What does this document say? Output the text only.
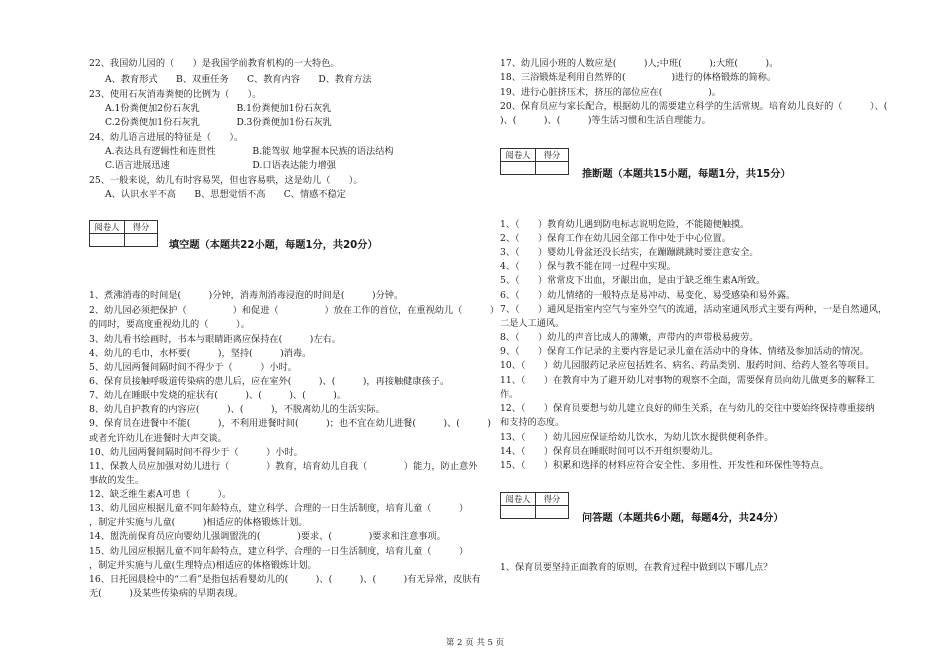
22、我国幼儿园的（　　）是我国学前教育机构的一大特色。
A、教育形式　　B、双重任务　　C、教育内容　　D、教育方法
23、使用石灰消毒粪便的比例为（　　）。
A.1份粪便加2份石灰乳　　　　B.1份粪便加1份石灰乳
C.2份粪便加1份石灰乳　　　　D.3份粪便加1份石灰乳
24、幼儿语言进展的特征是（　　）。
A.表达具有逻辑性和连贯性　　　　B.能驾驭 地掌握本民族的语法结构
C.语言进展迅速　　　　　　　　　D.口语表达能力增强
25、一般来说，幼儿有时容易哭，但也容易哄，这是幼儿（　　）。
A、认识水平不高　　B、思想觉悟不高　　C、情感不稳定
阅卷人	得分

填空题（本题共22小题，每题1分，共20分）
1、煮沸消毒的时间是(　　　)分钟，消毒剂消毒浸泡的时间是(　　　)分钟。
2、幼儿园必须把保护（　　　　　）和促进（　　　　　）放在工作的首位，在重视幼儿（　　　）
的同时，要高度重视幼儿的（　　　）。
3、幼儿看书绘画时，书本与眼睛距离应保持在(　　　)左右。
4、幼儿的毛巾，水杯要(　　　)，坚持(　　　)消毒。
5、幼儿园两餐间隔时间不得少于（　　　）小时。
6、保育员接触呼吸道传染病的患儿后，应在室外(　　　)、(　　　)，再接触健康孩子。
7、幼儿在睡眠中发烧的症状有(　　　)、(　　　)、(　　　)。
8、幼儿自护教育的内容应(　　　)、(　　　)，不脱离幼儿的生活实际。
9、保育员在进餐中不能(　　　)，不利用进餐时间(　　　)；也不宜在幼儿进餐(　　　)、(　　　)
或者允许幼儿在进餐时大声交谈。
10、幼儿园两餐间隔时间不得少于（　　　）小时。
11、保教人员应加强对幼儿进行（　　　　）教育，培育幼儿自我（　　　　）能力，防止意外
事故的发生。
12、缺乏维生素A可患（　　　）。
13、幼儿园应根据儿童不同年龄特点，建立科学、合理的一日生活制度，培育儿童（　　　）
，制定并实施与儿童(　　　)相适应的体格锻炼计划。
14、盥洗前保育员应向婴幼儿强调盥洗的(　　　　)要求、(　　　　)要求和注意事项。
15、幼儿园应根据儿童不同年龄特点，建立科学、合理的一日生活制度，培育儿童（　　　）
，制定并实施与儿童(生理特点)相适应的体格锻炼计划。
16、日托园晨检中的“二看”是指包括看婴幼儿的(　　　)、(　　　)、(　　　)有无异常，皮肤有
无(　　　)及某些传染病的早期表现。
17、幼儿园小班的人数应是(　　　)人;中班(　　　);大班(　　　)。
18、三浴锻炼是利用自然界的(　　　　　)进行的体格锻炼的简称。
19、进行心脏挤压术，挤压的部位应在(　　　　　)。
20、保育员应与家长配合，根据幼儿的需要建立科学的生活常规。培育幼儿良好的（　　　）、(　　　
)、(　　　)、(　　　)等生活习惯和生活自理能力。
阅卷人	得分

推断题（本题共15小题，每题1分，共15分）
1、（　　）教育幼儿遇到防电标志说明危险，不能随便触摸。
2、（　　）保育工作在幼儿园全部工作中处于中心位置。
3、（　　）婴幼儿骨盆还没长结实，在蹦蹦跳跳时要注意安全。
4、（　　）保与教不能在同一过程中实现。
5、（　　）常常皮下出血，牙龈出血，是由于缺乏维生素A所致。
6、（　　）幼儿情绪的一般特点是易冲动、易变化、易受感染和易外露。
7、（　　）通风是指室内空气与室外空气的流通，活动室通风形式主要有两种，一是自然通风，
二是人工通风。
8、（　　）幼儿的声音比成人的薄嫩，声带内的声带极易疲劳。
9、（　　）保育工作记录的主要内容是记录儿童在活动中的身体、情绪及参加活动的情况。
10、（　　）幼儿园服药记录应包括姓名、病名、药品类别、服药时间、给药人签名等项目。
11、（　　）在教育中为了避开幼儿对事物的观察不全面，需要保育员向幼儿做更多的解释工
作。
12、（　　）保育员要想与幼儿建立良好的师生关系，在与幼儿的交往中要始终保持尊重接纳
和支持的态度。
13、（　　）幼儿园应保证给幼儿饮水，为幼儿饮水提供便利条件。
14、（　　）保育员在睡眠时间可以不开组织婴幼儿。
15、（　　）积累和选择的材料应符合安全性、多用性、开发性和环保性等特点。
阅卷人	得分

问答题（本题共6小题，每题4分，共24分）
1、保育员要坚持正面教育的原则，在教育过程中做到以下哪几点？
第 2 页 共 5 页
